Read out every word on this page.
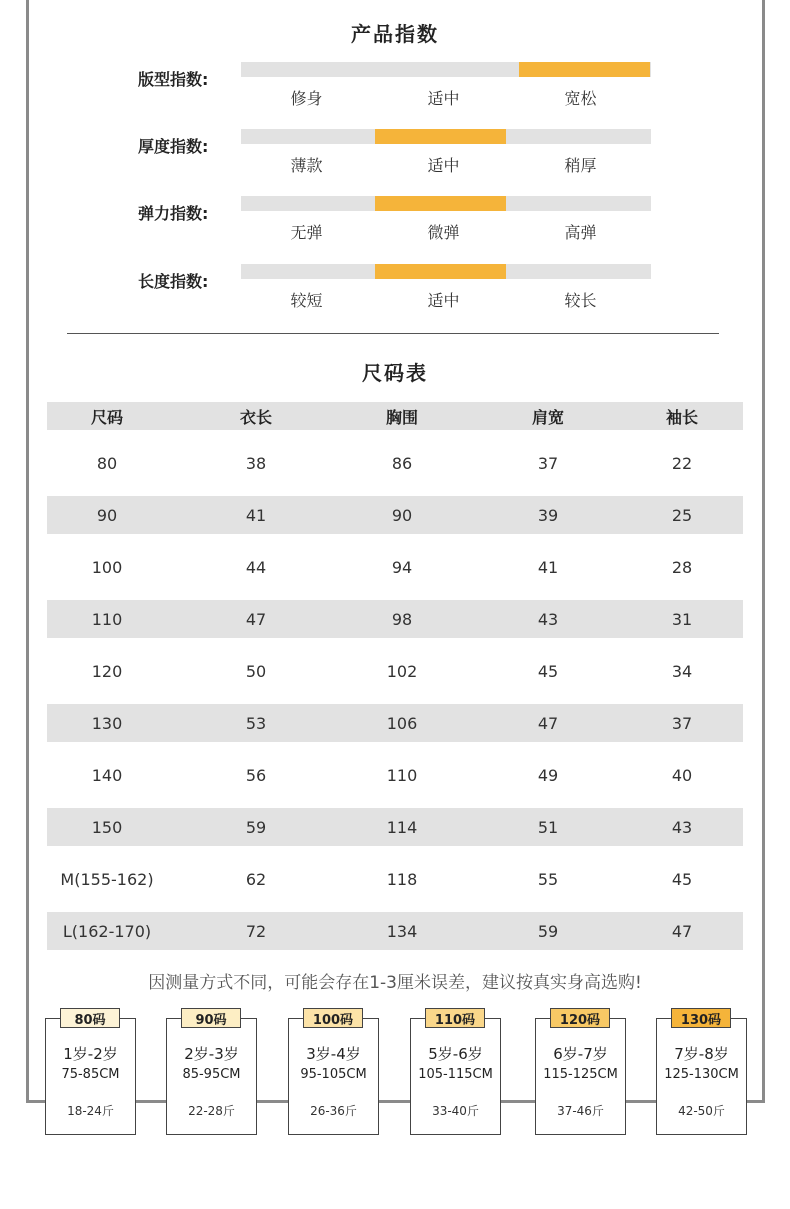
产品指数
版型指数:
修身	适中	宽松
厚度指数:
薄款	适中	稍厚
弹力指数:
无弹	微弹	高弹
长度指数:
较短	适中	较长
尺码表
尺码	衣长	胸围	肩宽	袖长
80	38	86	37	22
90	41	90	39	25
100	44	94	41	28
110	47	98	43	31
120	50	102	45	34
130	53	106	47	37
140	56	110	49	40
150	59	114	51	43
M(155-162)	62	118	55	45
L(162-170)	72	134	59	47
因测量方式不同，可能会存在1-3厘米误差，建议按真实身高选购!
80码
1岁-2岁
75-85CM
18-24斤
90码
2岁-3岁
85-95CM
22-28斤
100码
3岁-4岁
95-105CM
26-36斤
110码
5岁-6岁
105-115CM
33-40斤
120码
6岁-7岁
115-125CM
37-46斤
130码
7岁-8岁
125-130CM
42-50斤
